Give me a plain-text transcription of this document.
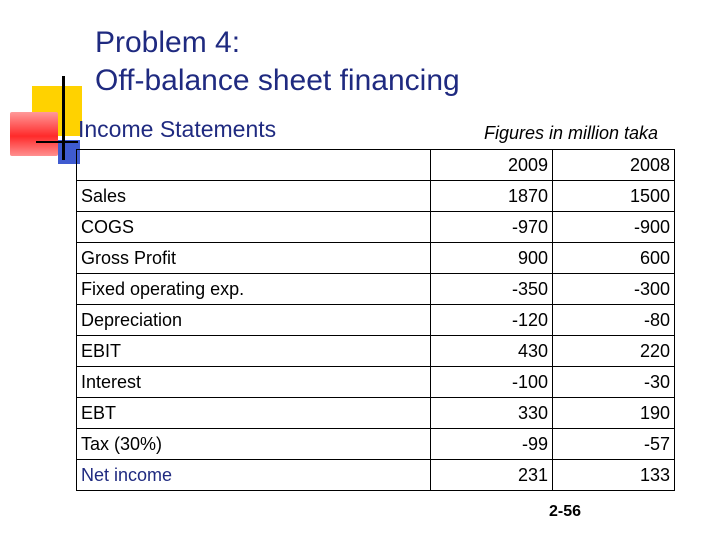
Problem 4:
Off-balance sheet financing
Income Statements	Figures in million taka
	2009	2008
Sales	1870	1500
COGS	-970	-900
Gross Profit	900	600
Fixed operating exp.	-350	-300
Depreciation	-120	-80
EBIT	430	220
Interest	-100	-30
EBT	330	190
Tax (30%)	-99	-57
Net income	231	133
2-56
